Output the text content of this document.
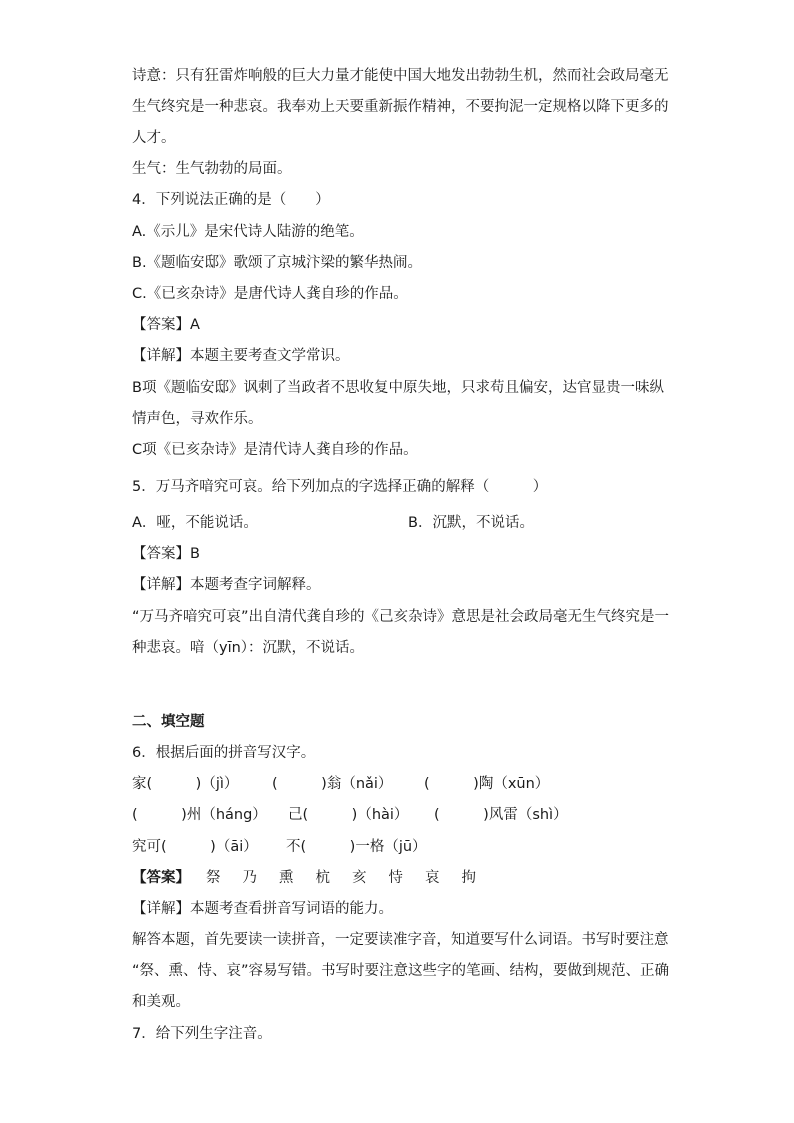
诗意：只有狂雷炸响般的巨大力量才能使中国大地发出勃勃生机，然而社会政局毫无

生气终究是一种悲哀。我奉劝上天要重新振作精神，不要拘泥一定规格以降下更多的

人才。

生气：生气勃勃的局面。

4．下列说法正确的是（　　）

A.《示儿》是宋代诗人陆游的绝笔。

B.《题临安邸》歌颂了京城汴梁的繁华热闹。

C.《已亥杂诗》是唐代诗人龚自珍的作品。

【答案】A

【详解】本题主要考查文学常识。

B项《题临安邸》讽刺了当政者不思收复中原失地，只求苟且偏安，达官显贵一味纵

情声色，寻欢作乐。

C项《已亥杂诗》是清代诗人龚自珍的作品。

5．万马齐喑究可哀。给下列加点的字选择正确的解释（　　　）

A．哑，不能说话。	B．沉默，不说话。

【答案】B

【详解】本题考查字词解释。

“万马齐喑究可哀”出自清代龚自珍的《己亥杂诗》意思是社会政局毫无生气终究是一

种悲哀。喑（yīn）：沉默，不说话。

二、填空题

6．根据后面的拼音写汉字。

家(　　　)（jì） (　　　)翁（nǎi） (　　　)陶（xūn）
(　　　)州（háng） 己(　　　)（hài） (　　　)风雷（shì）
究可(　　　)（āi） 不(　　　)一格（jū）
【答案】 祭 乃 熏 杭 亥 恃 哀 拘

【详解】本题考查看拼音写词语的能力。

解答本题，首先要读一读拼音，一定要读准字音，知道要写什么词语。书写时要注意

“祭、熏、恃、哀”容易写错。书写时要注意这些字的笔画、结构，要做到规范、正确

和美观。

7．给下列生字注音。
